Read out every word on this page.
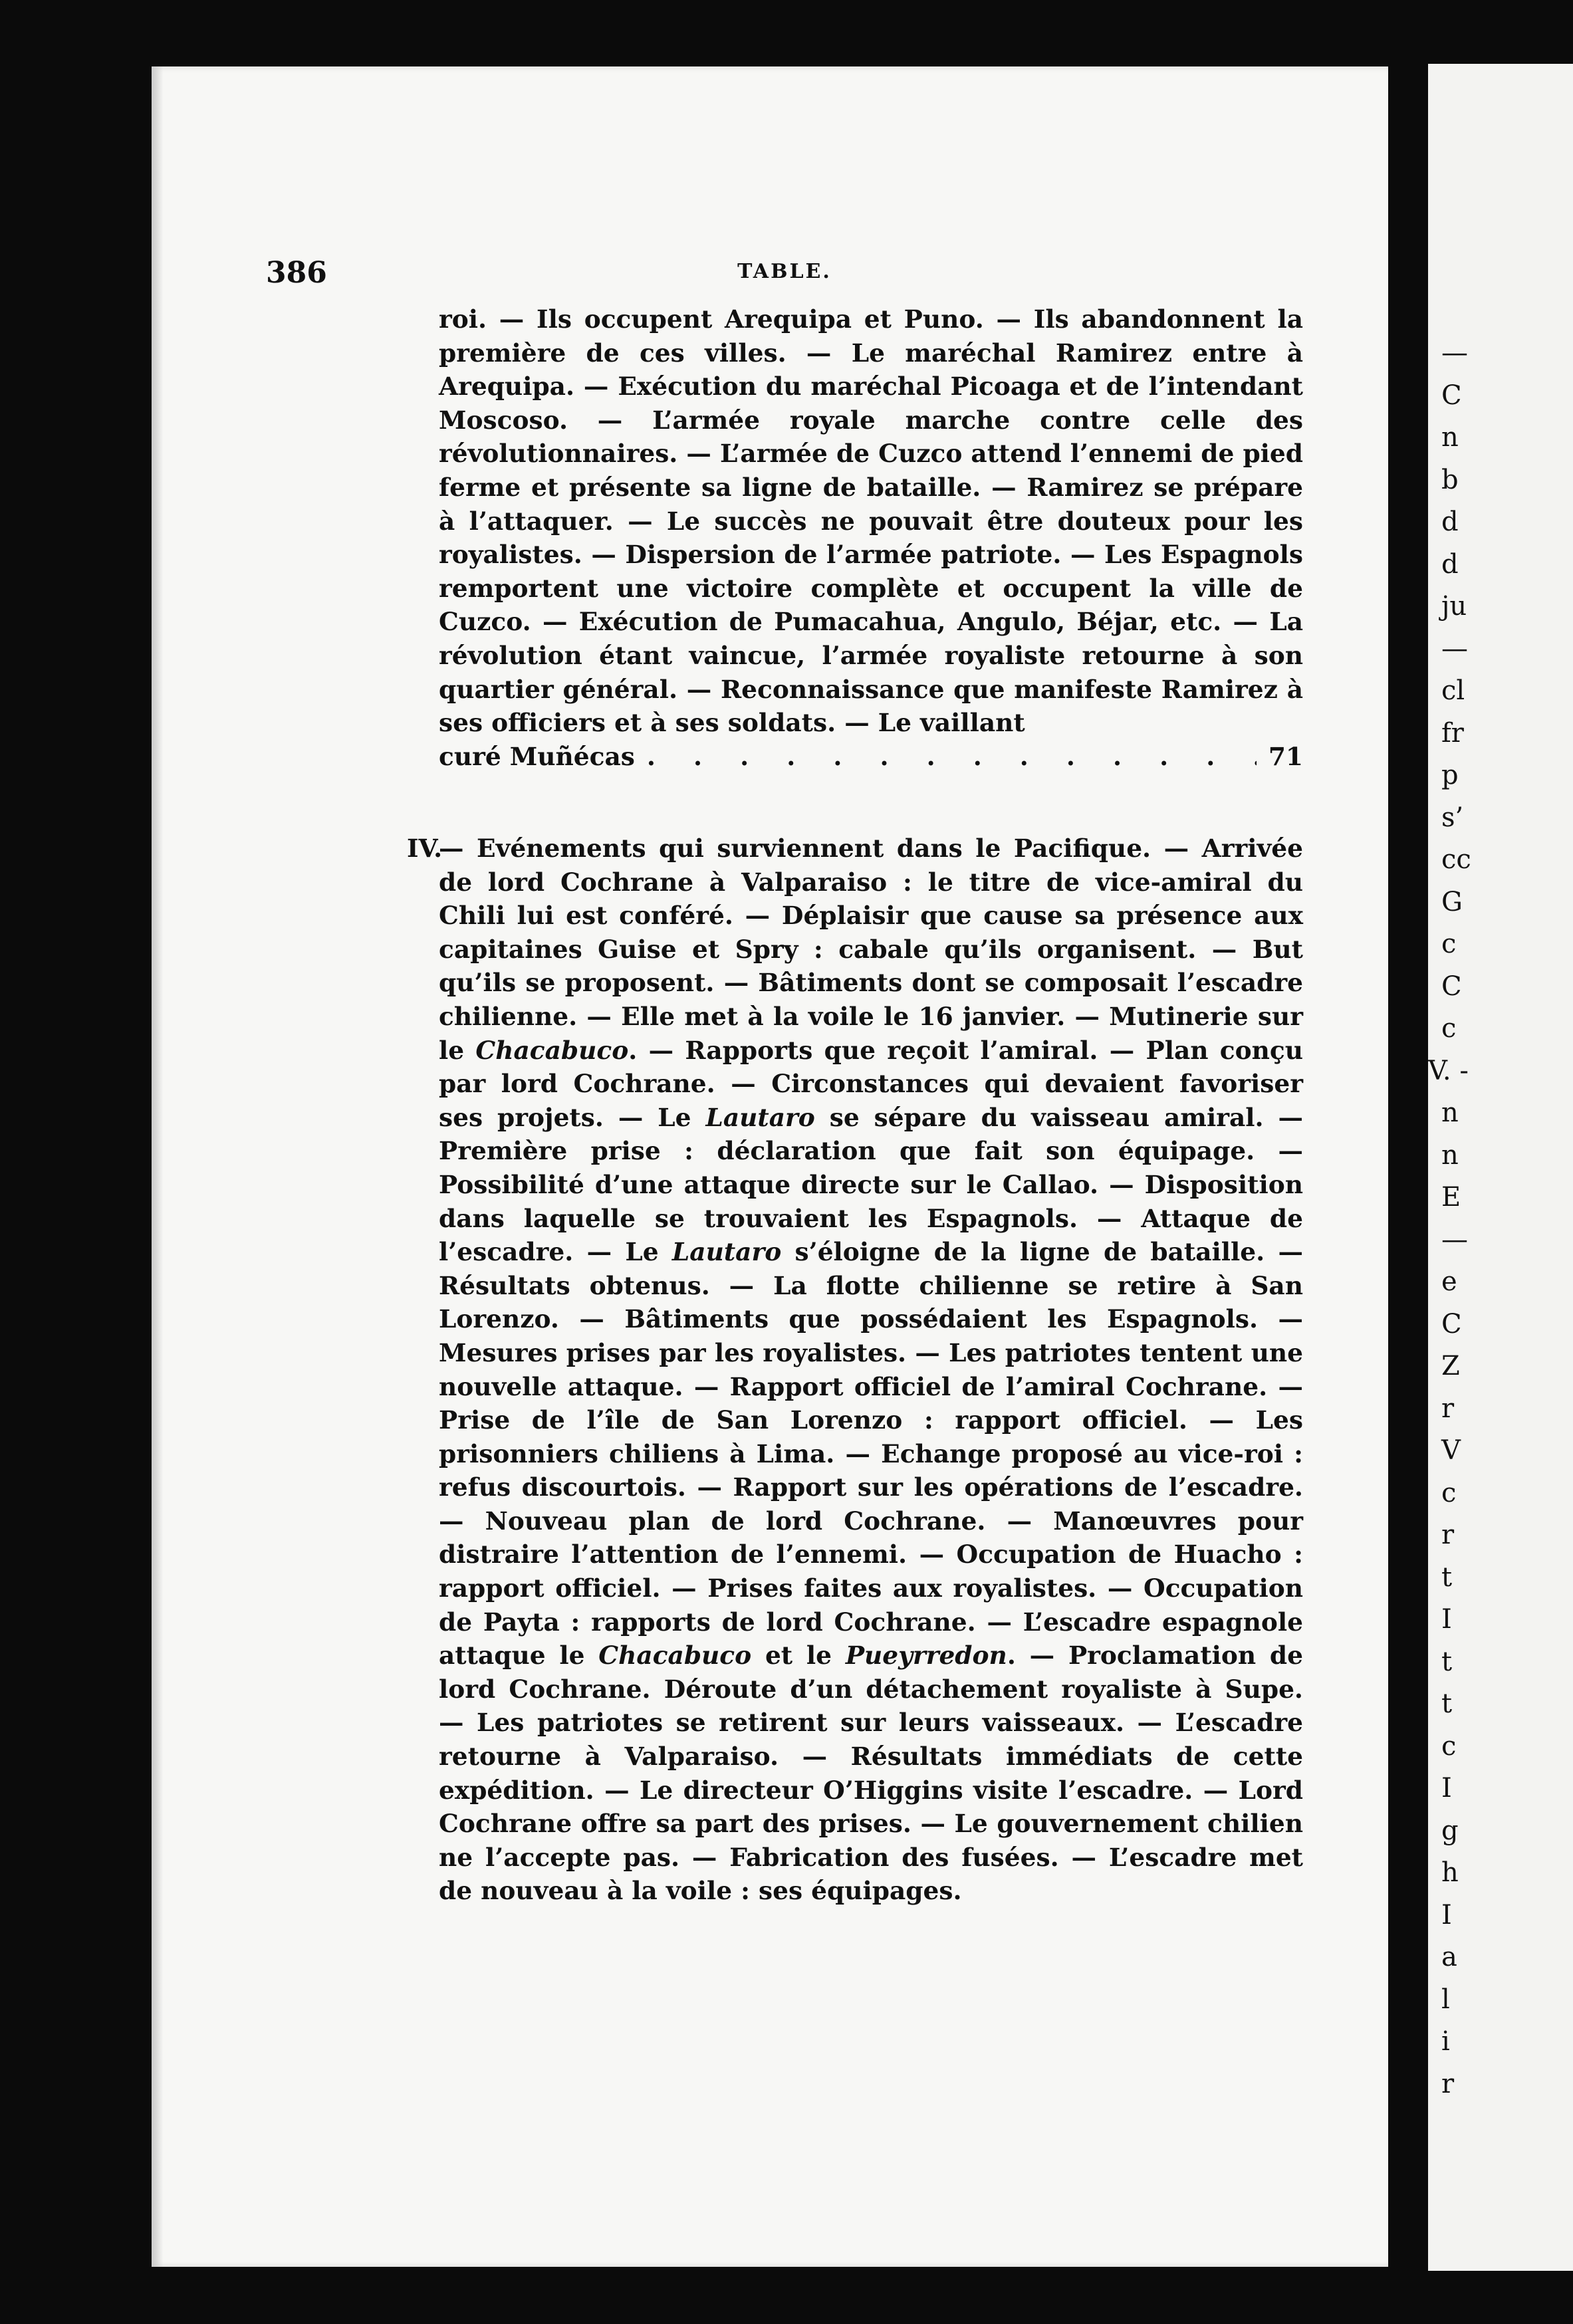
—
C
n
b
d
d
ju
—
cl
fr
p
s’
cc
G
c
C
c
V. -
n
n
E
—
e
C
Z
r
V
c
r
t
I
t
t
c
I
g
h
I
a
l
i
r
386	TABLE.
roi. — Ils occupent Arequipa et Puno. — Ils abandonnent la première de ces villes. — Le maréchal Ramirez entre à Arequipa. — Exécution du maréchal Picoaga et de l’intendant Moscoso. — L’armée royale marche contre celle des révolutionnaires. — L’armée de Cuzco attend l’ennemi de pied ferme et présente sa ligne de bataille. — Ramirez se prépare à l’attaquer. — Le succès ne pouvait être douteux pour les royalistes. — Dispersion de l’armée patriote. — Les Espagnols remportent une victoire complète et occupent la ville de Cuzco. — Exécution de Pumacahua, Angulo, Béjar, etc. — La révolution étant vaincue, l’armée royaliste retourne à son quartier général. — Reconnaissance que manifeste Ramirez à ses officiers et à ses soldats. — Le vaillant
curé Muñécas
. . .	71
IV.
— Evénements qui surviennent dans le Pacifique. — Arrivée de lord Cochrane à Valparaiso : le titre de vice-amiral du Chili lui est conféré. — Déplaisir que cause sa présence aux capitaines Guise et Spry : cabale qu’ils organisent. — But qu’ils se proposent. — Bâtiments dont se composait l’escadre chilienne. — Elle met à la voile le 16 janvier. — Mutinerie sur le Chacabuco. — Rapports que reçoit l’amiral. — Plan conçu par lord Cochrane. — Circonstances qui devaient favoriser ses projets. — Le Lautaro se sépare du vaisseau amiral. — Première prise : déclaration que fait son équipage. — Possibilité d’une attaque directe sur le Callao. — Disposition dans laquelle se trouvaient les Espagnols. — Attaque de l’escadre. — Le Lautaro s’éloigne de la ligne de bataille. — Résultats obtenus. — La flotte chilienne se retire à San Lorenzo. — Bâtiments que possédaient les Espagnols. — Mesures prises par les royalistes. — Les patriotes tentent une nouvelle attaque. — Rapport officiel de l’amiral Cochrane. — Prise de l’île de San Lorenzo : rapport officiel. — Les prisonniers chiliens à Lima. — Echange proposé au vice-roi : refus discourtois. — Rapport sur les opérations de l’escadre. — Nouveau plan de lord Cochrane. — Manœuvres pour distraire l’attention de l’ennemi. — Occupation de Huacho : rapport officiel. — Prises faites aux royalistes. — Occupation de Payta : rapports de lord Cochrane. — L’escadre espagnole attaque le Chacabuco et le Pueyrredon. — Proclamation de lord Cochrane. Déroute d’un détachement royaliste à Supe. — Les patriotes se retirent sur leurs vaisseaux. — L’escadre retourne à Valparaiso. — Résultats immédiats de cette expédition. — Le directeur O’Higgins visite l’escadre. — Lord Cochrane offre sa part des prises. — Le gouvernement chilien ne l’accepte pas. — Fabrication des fusées. — L’escadre met de nouveau à la voile : ses équipages.
